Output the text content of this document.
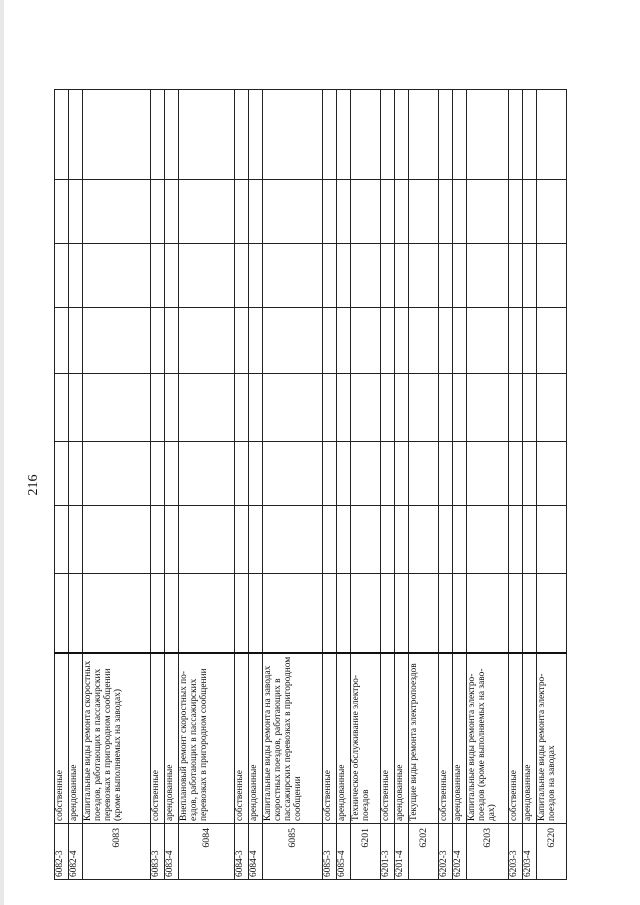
216
6082-3	собственные								
6082-4	арендованные								
6083	Капитальные виды ремонта скоростных поездов, работающих в пассажирских перевозках в пригородном сообщении (кроме выполняемых на заводах)								
6083-3	собственные								
6083-4	арендованные								
6084	Внеплановый ремонт скоростных поездов, работающих в пассажирских перевозках в пригородном сообщении								
6084-3	собственные								
6084-4	арендованные								
6085	Капитальные виды ремонта на заводах скоростных поездов, работающих в пассажирских перевозках в пригородном сообщении								
6085-3	собственные								
6085-4	арендованные								
6201	Техническое обслуживание электропоездов								
6201-3	собственные								
6201-4	арендованные								
6202	Текущие виды ремонта электропоездов								
6202-3	собственные								
6202-4	арендованные								
6203	Капитальные виды ремонта электропоездов (кроме выполняемых на заводах)								
6203-3	собственные								
6203-4	арендованные								
6220	Капитальные виды ремонта электропоездов на заводах								
